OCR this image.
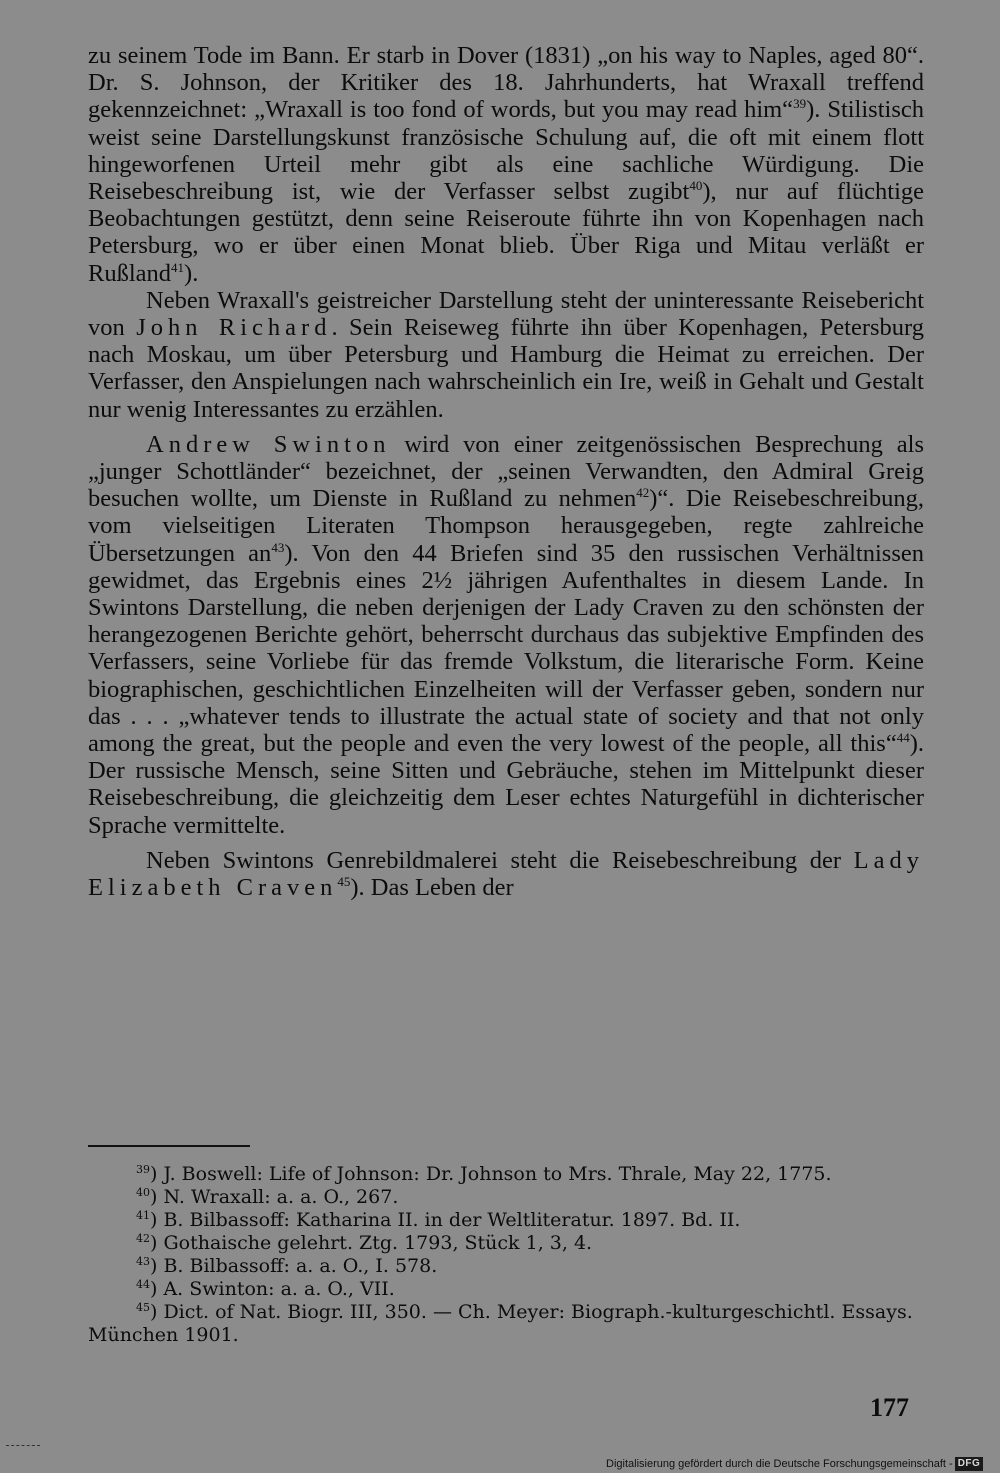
zu seinem Tode im Bann. Er starb in Dover (1831) „on his way to Naples, aged 80“. Dr. S. Johnson, der Kritiker des 18. Jahrhunderts, hat Wraxall treffend gekennzeichnet: „Wraxall is too fond of words, but you may read him“$^{39}$). Stilistisch weist seine Darstellungskunst französische Schulung auf, die oft mit einem flott hingeworfenen Urteil mehr gibt als eine sachliche Würdigung. Die Reisebeschreibung ist, wie der Verfasser selbst zugibt$^{40}$), nur auf flüchtige Beobachtungen gestützt, denn seine Reiseroute führte ihn von Kopenhagen nach Petersburg, wo er über einen Monat blieb. Über Riga und Mitau verläßt er Rußland$^{41}$).

Neben Wraxall's geistreicher Darstellung steht der uninteressante Reisebericht von John Richard. Sein Reiseweg führte ihn über Kopenhagen, Petersburg nach Moskau, um über Petersburg und Hamburg die Heimat zu erreichen. Der Verfasser, den Anspielungen nach wahrscheinlich ein Ire, weiß in Gehalt und Gestalt nur wenig Interessantes zu erzählen.

Andrew Swinton wird von einer zeitgenössischen Besprechung als „junger Schottländer“ bezeichnet, der „seinen Verwandten, den Admiral Greig besuchen wollte, um Dienste in Rußland zu nehmen$^{42}$)“. Die Reisebeschreibung, vom vielseitigen Literaten Thompson herausgegeben, regte zahlreiche Übersetzungen $an^{43}$). Von den 44 Briefen sind 35 den russischen Verhältnissen gewidmet, das Ergebnis eines 2½ jährigen Aufenthaltes in diesem Lande. In Swintons Darstellung, die neben derjenigen der Lady Craven zu den schönsten der herangezogenen Berichte gehört, beherrscht durchaus das subjektive Empfinden des Verfassers, seine Vorliebe für das fremde Volkstum, die literarische Form. Keine biographischen, geschichtlichen Einzelheiten will der Verfasser geben, sondern nur das . . . „whatever tends to illustrate the actual state of society and that not only among the great, but the people and even the very lowest of the people, all this“$^{44}$). Der russische Mensch, seine Sitten und Gebräuche, stehen im Mittelpunkt dieser Reisebeschreibung, die gleichzeitig dem Leser echtes Naturgefühl in dichterischer Sprache vermittelte.

Neben Swintons Genrebildmalerei steht die Reisebeschreibung der Lady Elizabeth Craven$^{45}$). Das Leben der

$^{39}$) J. Boswell: Life of Johnson: Dr. Johnson to Mrs. Thrale, May 22, 1775.

$^{40}$) N. Wraxall: a. a. O., 267.

$^{41}$) B. Bilbassoff: Katharina II. in der Weltliteratur. 1897. Bd. II.

$^{42}$) Gothaische gelehrt. Ztg. 1793, Stück 1, 3, 4.

$^{43}$) B. Bilbassoff: a. a. O., I. 578.

$^{44}$) A. Swinton: a. a. O., VII.

$^{45}$) Dict. of Nat. Biogr. III, 350. — Ch. Meyer: Biograph.-kulturgeschichtl. Essays. München 1901.

177
Digitalisierung gefördert durch die Deutsche Forschungsgemeinschaft - DFG
